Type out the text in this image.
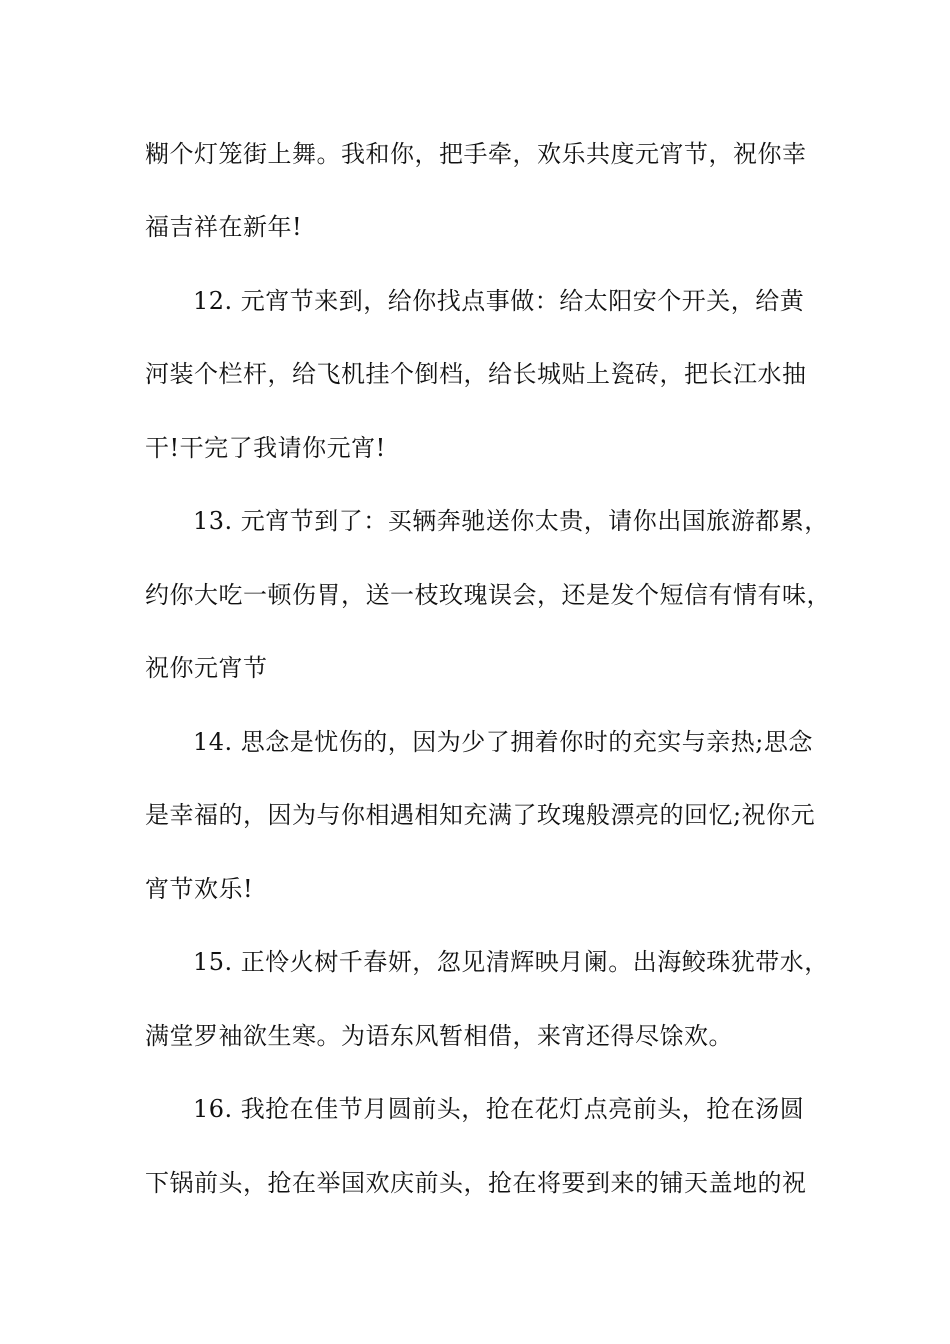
糊个灯笼街上舞。我和你，把手牵，欢乐共度元宵节，祝你幸
福吉祥在新年!
12. 元宵节来到，给你找点事做：给太阳安个开关，给黄
河装个栏杆，给飞机挂个倒档，给长城贴上瓷砖，把长江水抽
干!干完了我请你元宵!
13. 元宵节到了：买辆奔驰送你太贵，请你出国旅游都累，
约你大吃一顿伤胃，送一枝玫瑰误会，还是发个短信有情有味，
祝你元宵节
14. 思念是忧伤的，因为少了拥着你时的充实与亲热;思念
是幸福的，因为与你相遇相知充满了玫瑰般漂亮的回忆;祝你元
宵节欢乐!
15. 正怜火树千春妍，忽见清辉映月阑。出海鲛珠犹带水，
满堂罗袖欲生寒。为语东风暂相借，来宵还得尽馀欢。
16. 我抢在佳节月圆前头，抢在花灯点亮前头，抢在汤圆
下锅前头，抢在举国欢庆前头，抢在将要到来的铺天盖地的祝
